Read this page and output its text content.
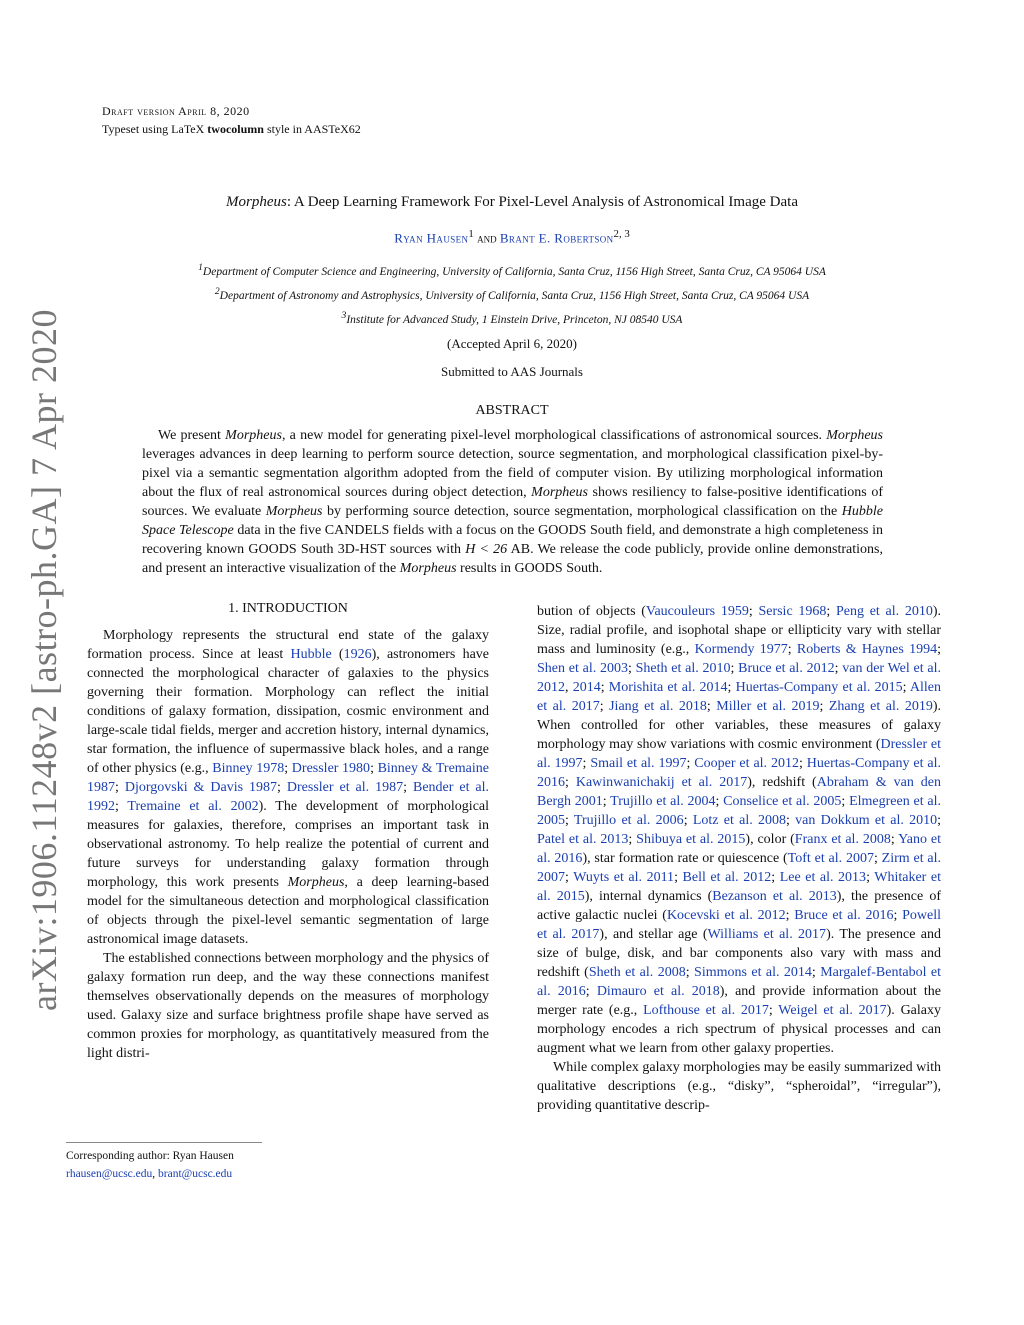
Draft version April 8, 2020
Typeset using LaTeX twocolumn style in AASTeX62
Morpheus: A Deep Learning Framework For Pixel-Level Analysis of Astronomical Image Data
Ryan Hausen$^1$ and Brant E. Robertson$^{2, 3}$
$^1$Department of Computer Science and Engineering, University of California, Santa Cruz, 1156 High Street, Santa Cruz, CA 95064 USA
$^2$Department of Astronomy and Astrophysics, University of California, Santa Cruz, 1156 High Street, Santa Cruz, CA 95064 USA
$^3$Institute for Advanced Study, 1 Einstein Drive, Princeton, NJ 08540 USA
(Accepted April 6, 2020)
Submitted to AAS Journals
ABSTRACT
We present Morpheus, a new model for generating pixel-level morphological classifications of astronomical sources. Morpheus leverages advances in deep learning to perform source detection, source segmentation, and morphological classification pixel-by-pixel via a semantic segmentation algorithm adopted from the field of computer vision. By utilizing morphological information about the flux of real astronomical sources during object detection, Morpheus shows resiliency to false-positive identifications of sources. We evaluate Morpheus by performing source detection, source segmentation, morphological classification on the Hubble Space Telescope data in the five CANDELS fields with a focus on the GOODS South field, and demonstrate a high completeness in recovering known GOODS South 3D-HST sources with H < 26 AB. We release the code publicly, provide online demonstrations, and present an interactive visualization of the Morpheus results in GOODS South.
arXiv:1906.11248v2 [astro-ph.GA] 7 Apr 2020	1. INTRODUCTION

Morphology represents the structural end state of the galaxy formation process. Since at least Hubble (1926), astronomers have connected the morphological character of galaxies to the physics governing their formation. Morphology can reflect the initial conditions of galaxy formation, dissipation, cosmic environment and large-scale tidal fields, merger and accretion history, internal dynamics, star formation, the influence of supermassive black holes, and a range of other physics (e.g., Binney 1978; Dressler 1980; Binney & Tremaine 1987; Djorgovski & Davis 1987; Dressler et al. 1987; Bender et al. 1992; Tremaine et al. 2002). The development of morphological measures for galaxies, therefore, comprises an important task in observational astronomy. To help realize the potential of current and future surveys for understanding galaxy formation through morphology, this work presents Morpheus, a deep learning-based model for the simultaneous detection and morphological classification of objects through the pixel-level semantic segmentation of large astronomical image datasets.

The established connections between morphology and the physics of galaxy formation run deep, and the way these connections manifest themselves observationally depends on the measures of morphology used. Galaxy size and surface brightness profile shape have served as common proxies for morphology, as quantitatively measured from the light distri-

bution of objects (Vaucouleurs 1959; Sersic 1968; Peng et al. 2010). Size, radial profile, and isophotal shape or ellipticity vary with stellar mass and luminosity (e.g., Kormendy 1977; Roberts & Haynes 1994; Shen et al. 2003; Sheth et al. 2010; Bruce et al. 2012; van der Wel et al. 2012, 2014; Morishita et al. 2014; Huertas-Company et al. 2015; Allen et al. 2017; Jiang et al. 2018; Miller et al. 2019; Zhang et al. 2019). When controlled for other variables, these measures of galaxy morphology may show variations with cosmic environment (Dressler et al. 1997; Smail et al. 1997; Cooper et al. 2012; Huertas-Company et al. 2016; Kawinwanichakij et al. 2017), redshift (Abraham & van den Bergh 2001; Trujillo et al. 2004; Conselice et al. 2005; Elmegreen et al. 2005; Trujillo et al. 2006; Lotz et al. 2008; van Dokkum et al. 2010; Patel et al. 2013; Shibuya et al. 2015), color (Franx et al. 2008; Yano et al. 2016), star formation rate or quiescence (Toft et al. 2007; Zirm et al. 2007; Wuyts et al. 2011; Bell et al. 2012; Lee et al. 2013; Whitaker et al. 2015), internal dynamics (Bezanson et al. 2013), the presence of active galactic nuclei (Kocevski et al. 2012; Bruce et al. 2016; Powell et al. 2017), and stellar age (Williams et al. 2017). The presence and size of bulge, disk, and bar components also vary with mass and redshift (Sheth et al. 2008; Simmons et al. 2014; Margalef-Bentabol et al. 2016; Dimauro et al. 2018), and provide information about the merger rate (e.g., Lofthouse et al. 2017; Weigel et al. 2017). Galaxy morphology encodes a rich spectrum of physical processes and can augment what we learn from other galaxy properties.

While complex galaxy morphologies may be easily summarized with qualitative descriptions (e.g., “disky”, “spheroidal”, “irregular”), providing quantitative descrip-

Corresponding author: Ryan Hausen
rhausen@ucsc.edu, brant@ucsc.edu
